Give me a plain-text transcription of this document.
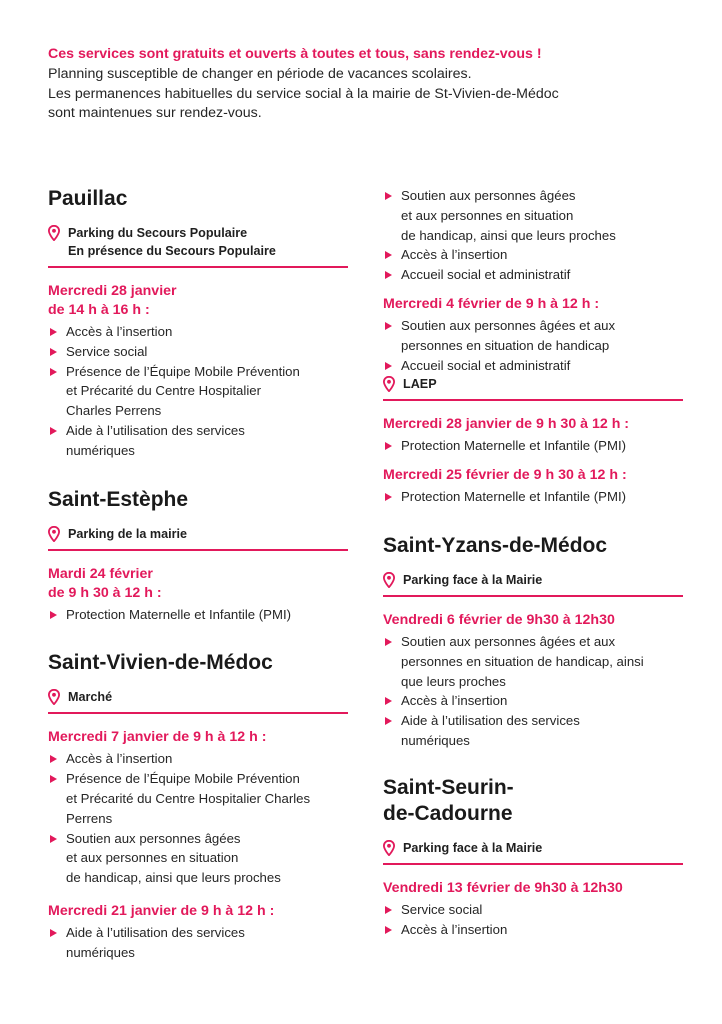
Ces services sont gratuits et ouverts à toutes et tous, sans rendez-vous !
Planning susceptible de changer en période de vacances scolaires.
Les permanences habituelles du service social à la mairie de St-Vivien-de-Médoc
sont maintenues sur rendez-vous.
Pauillac
Parking du Secours Populaire
En présence du Secours Populaire
Mercredi 28 janvier
de 14 h à 16 h :
Accès à l’insertion
Service social
Présence de l’Équipe Mobile Prévention
et Précarité du Centre Hospitalier
Charles Perrens
Aide à l’utilisation des services
numériques
Saint-Estèphe
Parking de la mairie
Mardi 24 février
de 9 h 30 à 12 h :
Protection Maternelle et Infantile (PMI)
Saint-Vivien-de-Médoc
Marché
Mercredi 7 janvier de 9 h à 12 h :
Accès à l’insertion
Présence de l’Équipe Mobile Prévention
et Précarité du Centre Hospitalier Charles
Perrens
Soutien aux personnes âgées
et aux personnes en situation
de handicap, ainsi que leurs proches
Mercredi 21 janvier de 9 h à 12 h :
Aide à l’utilisation des services
numériques
Soutien aux personnes âgées
et aux personnes en situation
de handicap, ainsi que leurs proches
Accès à l’insertion
Accueil social et administratif
Mercredi 4 février de 9 h à 12 h :
Soutien aux personnes âgées et aux
personnes en situation de handicap
Accueil social et administratif
LAEP
Mercredi 28 janvier de 9 h 30 à 12 h :
Protection Maternelle et Infantile (PMI)
Mercredi 25 février de 9 h 30 à 12 h :
Protection Maternelle et Infantile (PMI)
Saint-Yzans-de-Médoc
Parking face à la Mairie
Vendredi 6 février de 9h30 à 12h30
Soutien aux personnes âgées et aux
personnes en situation de handicap, ainsi
que leurs proches
Accès à l’insertion
Aide à l’utilisation des services
numériques
Saint-Seurin-
de-Cadourne
Parking face à la Mairie
Vendredi 13 février de 9h30 à 12h30
Service social
Accès à l’insertion
